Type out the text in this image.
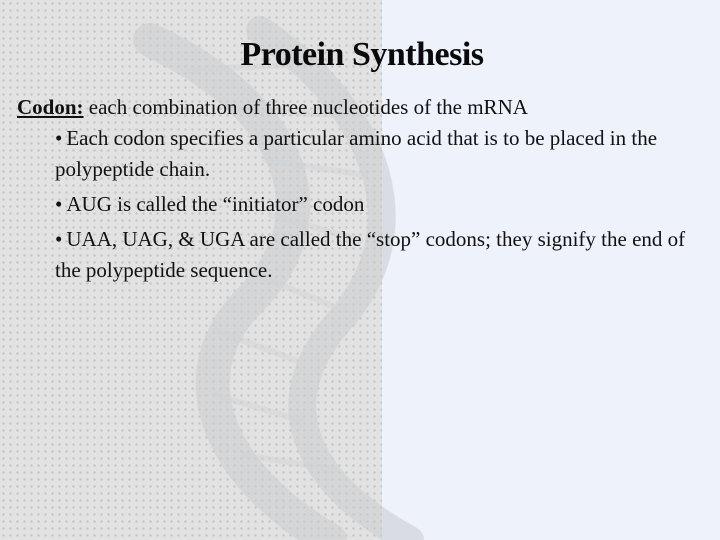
Protein Synthesis

Codon: each combination of three nucleotides of the mRNA

• Each codon specifies a particular amino acid that is to be placed in the polypeptide chain.

• AUG is called the “initiator” codon

• UAA, UAG, & UGA are called the “stop” codons; they signify the end of the polypeptide sequence.
